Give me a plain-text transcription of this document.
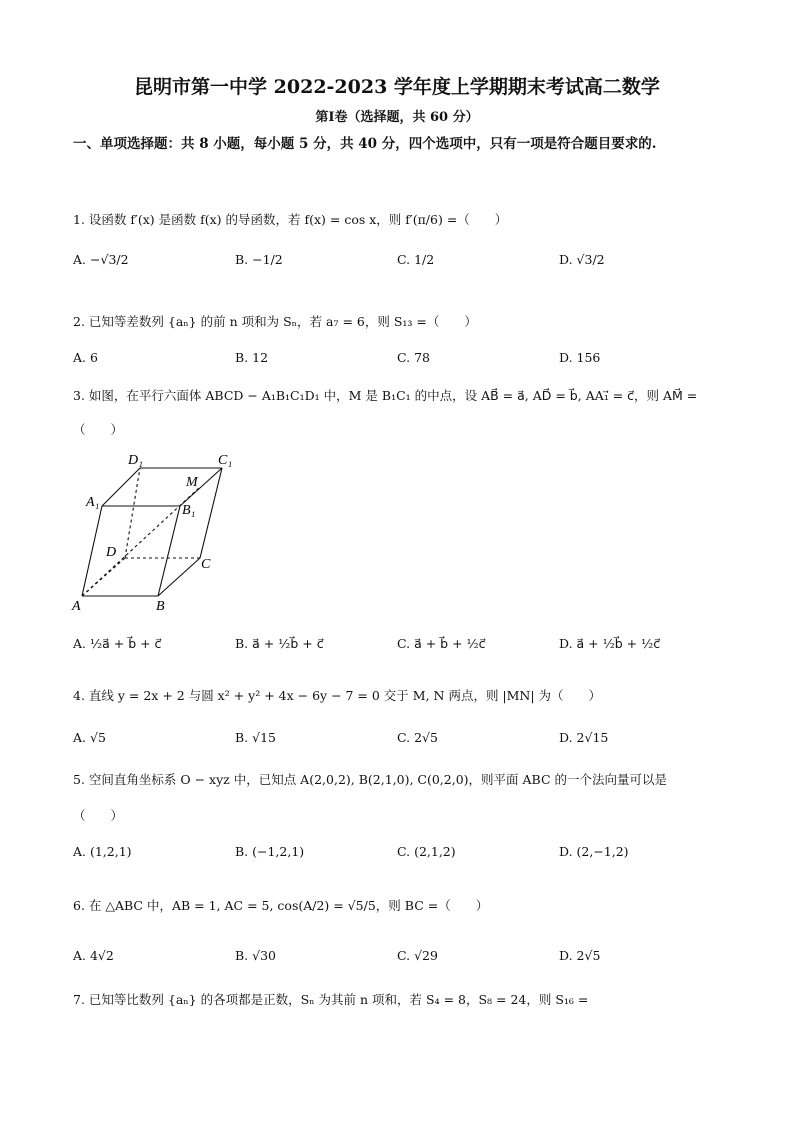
昆明市第一中学 2022-2023 学年度上学期期末考试高二数学
第Ⅰ卷（选择题，共 60 分）
一、单项选择题：共 8 小题，每小题 5 分，共 40 分，四个选项中，只有一项是符合题目要求的.
1. 设函数 f′(x) 是函数 f(x) 的导函数，若 f(x) = cos x，则 f′(π/6) =（　　）
A. −√3/2	B. −1/2	C. 1/2	D. √3/2
2. 已知等差数列 {aₙ} 的前 n 项和为 Sₙ，若 a₇ = 6，则 S₁₃ =（　　）
A. 6	B. 12	C. 78	D. 156
3. 如图，在平行六面体 ABCD − A₁B₁C₁D₁ 中，M 是 B₁C₁ 的中点，设 AB⃗ = a⃗, AD⃗ = b⃗, AA₁⃗ = c⃗，则 AM⃗ =
（　　）
D₁	C₁
M
A₁
B₁
D
C
A	B
A. ½a⃗ + b⃗ + c⃗	B. a⃗ + ½b⃗ + c⃗	C. a⃗ + b⃗ + ½c⃗	D. a⃗ + ½b⃗ + ½c⃗
4. 直线 y = 2x + 2 与圆 x² + y² + 4x − 6y − 7 = 0 交于 M, N 两点，则 |MN| 为（　　）
A. √5	B. √15	C. 2√5	D. 2√15
5. 空间直角坐标系 O − xyz 中，已知点 A(2,0,2), B(2,1,0), C(0,2,0)，则平面 ABC 的一个法向量可以是
（　　）
A. (1,2,1)	B. (−1,2,1)	C. (2,1,2)	D. (2,−1,2)
6. 在 △ABC 中，AB = 1, AC = 5, cos(A/2) = √5/5，则 BC =（　　）
A. 4√2	B. √30	C. √29	D. 2√5
7. 已知等比数列 {aₙ} 的各项都是正数，Sₙ 为其前 n 项和，若 S₄ = 8，S₈ = 24，则 S₁₆ =
